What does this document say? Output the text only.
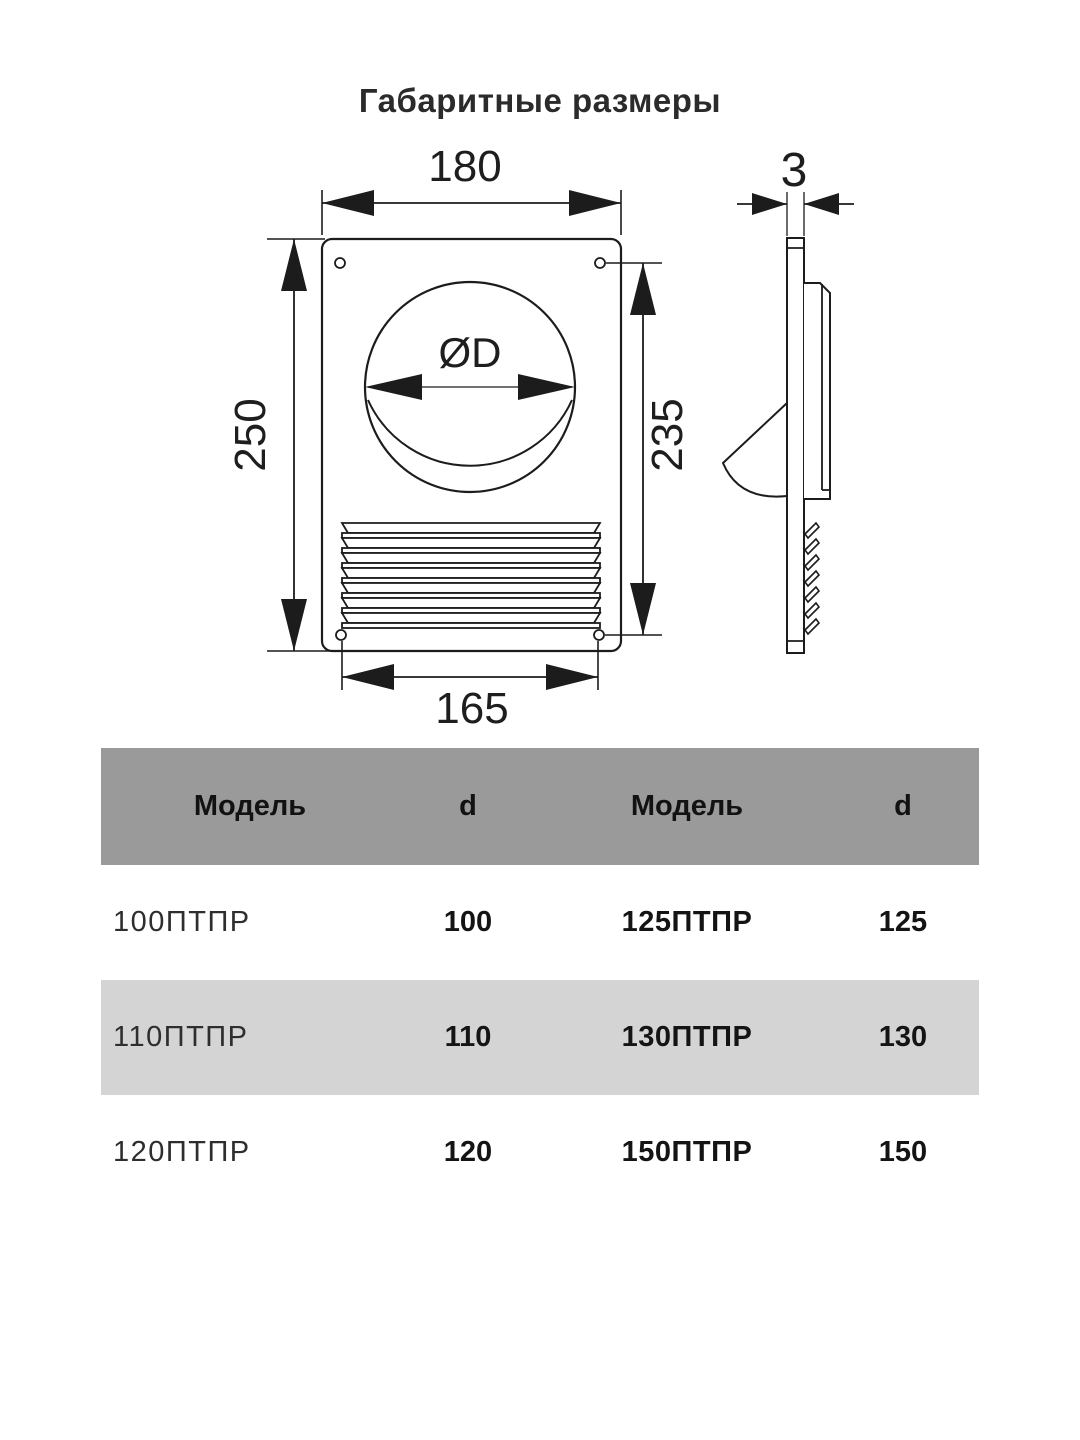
Габаритные размеры
180
250	235
ØD
165
3
Модель	d	Модель	d
100ПТПР	100	125ПТПР	125
110ПТПР	110	130ПТПР	130
120ПТПР	120	150ПТПР	150
